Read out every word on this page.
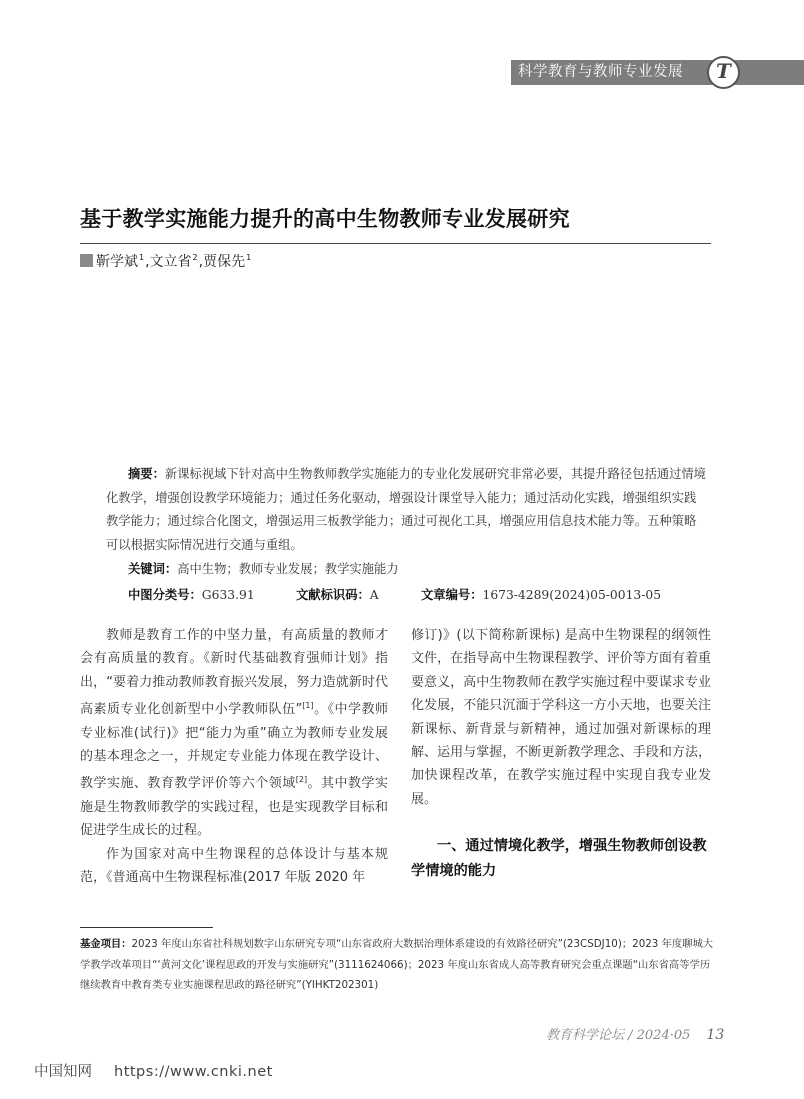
科学教育与教师专业发展	T
基于教学实施能力提升的高中生物教师专业发展研究
靳学斌$^1$,文立省$^2$,贾保先$^1$

摘要：新课标视域下针对高中生物教师教学实施能力的专业化发展研究非常必要，其提升路径包括通过情境化教学，增强创设教学环境能力；通过任务化驱动，增强设计课堂导入能力；通过活动化实践，增强组织实践教学能力；通过综合化图文，增强运用三板教学能力；通过可视化工具，增强应用信息技术能力等。五种策略可以根据实际情况进行交通与重组。

关键词：高中生物；教师专业发展；教学实施能力
中图分类号：G633.91	文献标识码：A	文章编号：1673-4289(2024)05-0013-05

教师是教育工作的中坚力量，有高质量的教师才会有高质量的教育。《新时代基础教育强师计划》指出，“要着力推动教师教育振兴发展，努力造就新时代高素质专业化创新型中小学教师队伍”[1]。《中学教师专业标准(试行)》把“能力为重”确立为教师专业发展的基本理念之一，并规定专业能力体现在教学设计、教学实施、教育教学评价等六个领域[2]。其中教学实施是生物教师教学的实践过程，也是实现教学目标和促进学生成长的过程。

作为国家对高中生物课程的总体设计与基本规范，《普通高中生物课程标准(2017 年版 2020 年

修订)》(以下简称新课标) 是高中生物课程的纲领性文件，在指导高中生物课程教学、评价等方面有着重要意义，高中生物教师在教学实施过程中要谋求专业化发展，不能只沉湎于学科这一方小天地，也要关注新课标、新背景与新精神，通过加强对新课标的理解、运用与掌握，不断更新教学理念、手段和方法，加快课程改革，在教学实施过程中实现自我专业发展。

一、通过情境化教学，增强生物教师创设教学情境的能力
基金项目：2023 年度山东省社科规划数字山东研究专项“山东省政府大数据治理体系建设的有效路径研究”(23CSDJ10)；2023 年度聊城大学教学改革项目“‘黄河文化’课程思政的开发与实施研究”(3111624066)；2023 年度山东省成人高等教育研究会重点课题“山东省高等学历继续教育中教育类专业实施课程思政的路径研究”(YIHKT202301)
教育科学论坛 / 2024·05 13
中国知网 https://www.cnki.net
